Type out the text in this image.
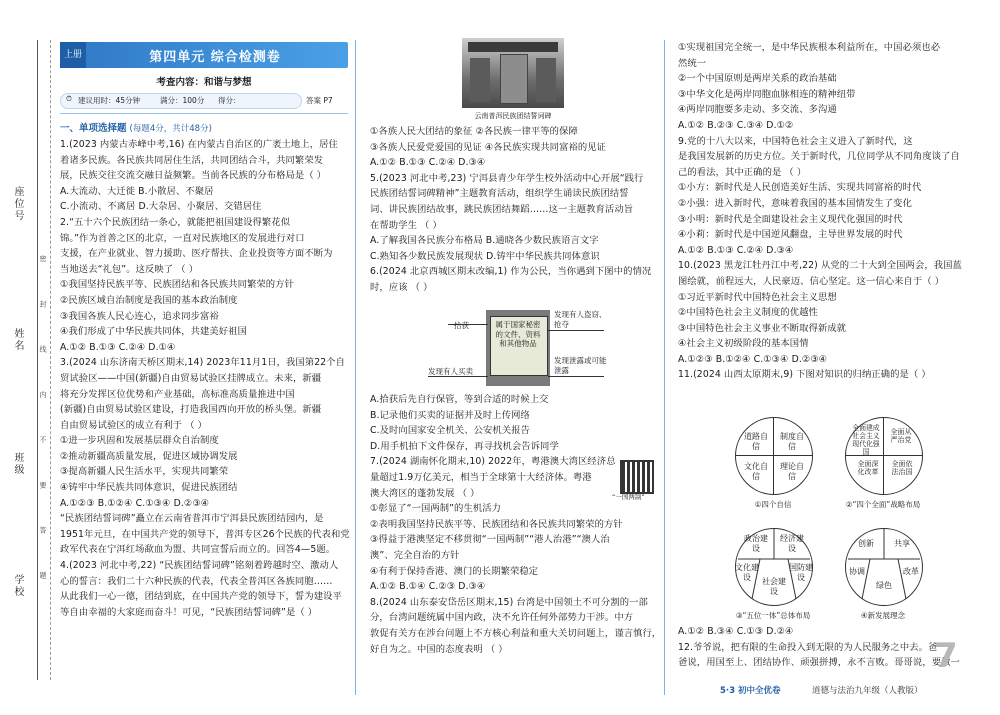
座位号
姓名
班级
学校 密 封 线 内 不 要 答 题
上册	第四单元 综合检测卷
考查内容：和谐与梦想
⏱ 建议用时：45分钟	满分：100分 得分：	答案 P7
一、单项选择题 (每题4分，共计48分)
1.(2023 内蒙古赤峰中考,16) 在内蒙古自治区的广袤土地上，居住
着诸多民族。各民族共同居住生活，共同团结合斗，共同繁荣发
展，民族交往交流交融日益频繁。当前各民族的分布格局是（ ）
A.大流动、大迁徙 B.小散居、不聚居
C.小流动、不离居 D.大杂居、小聚居、交错居住
2.“五十六个民族团结一条心，就能把祖国建设得繁花似
锦。”作为首善之区的北京，一直对民族地区的发展进行对口
支援，在产业就业、智力援助、医疗帮扶、企业投资等方面不断为
当地送去“礼包”。这反映了 （ ）
①我国坚持民族平等、民族团结和各民族共同繁荣的方针
②民族区域自治制度是我国的基本政治制度
③我国各族人民心连心，追求同步富裕
④我们形成了中华民族共同体，共建美好祖国
A.①② B.①③ C.②④ D.①④
3.(2024 山东济南天桥区期末,14) 2023年11月1日，我国第22个自
贸试验区——中国(新疆)自由贸易试验区挂牌成立。未来，新疆
将充分发挥区位优势和产业基础，高标准高质量推进中国
(新疆)自由贸易试验区建设，打造我国西向开放的桥头堡。新疆
自由贸易试验区的成立有利于 （ ）
①进一步巩固和发展基层群众自治制度
②推动新疆高质量发展，促进区域协调发展
③提高新疆人民生活水平，实现共同繁荣
④铸牢中华民族共同体意识，促进民族团结
A.①②③ B.①②④ C.①③④ D.②③④
“民族团结誓词碑”矗立在云南省普洱市宁洱县民族团结园内，是
1951年元旦，在中国共产党的领导下，普洱专区26个民族的代表和党
政军代表在宁洱红场歃血为盟、共同宣誓后而立的。回答4—5题。
4.(2023 河北中考,22) “民族团结誓词碑”铭刻着跨越时空、激动人
心的誓言：我们二十六种民族的代表，代表全普洱区各族同胞……
从此我们一心一德，团结到底，在中国共产党的领导下，誓为建设平
等自由幸福的大家庭而奋斗！可见，“民族团结誓词碑”是（ ）
云南普洱民族团结誓词碑
①各族人民大团结的象征 ②各民族一律平等的保障
③各族人民爱党爱国的见证 ④各民族实现共同富裕的见证
A.①② B.①③ C.②④ D.③④
5.(2023 河北中考,23) 宁洱县青少年学生校外活动中心开展“践行
民族团结誓词碑精神”主题教育活动，组织学生诵读民族团结誓
词、讲民族团结故事，跳民族团结舞蹈……这一主题教育活动旨
在帮助学生 （ ）
A.了解我国各民族分布格局 B.通晓各少数民族语言文字
C.熟知各少数民族发展现状 D.铸牢中华民族共同体意识
6.(2024 北京西城区期末改编,1) 作为公民，当你遇到下图中的情况
时，应该 （ ）
属于国家秘密的文件、资料和其他物品
拾获
发现有人买卖
发现有人盗窃、抢夺
发现泄露或可能泄露
A.拾获后先自行保管，等到合适的时候上交
B.记录他们买卖的证据并及时上传网络
C.及时向国家安全机关、公安机关报告
D.用手机拍下文件保存，再寻找机会告诉同学
7.(2024 湖南怀化期末,10) 2022年，粤港澳大湾区经济总
量超过1.9万亿美元，相当于全球第十大经济体。粤港
澳大湾区的蓬勃发展 （ ）
①彰显了“一国两制”的生机活力
②表明我国坚持民族平等、民族团结和各民族共同繁荣的方针
③得益于港澳坚定不移贯彻“一国两制”“港人治港”“澳人治
澳”、完全自治的方针
④有利于保持香港、澳门的长期繁荣稳定
A.①② B.①④ C.②③ D.③④
8.(2024 山东泰安岱岳区期末,15) 台湾是中国领土不可分割的一部
分，台湾问题统属中国内政，决不允许任何外部势力干涉。中方
敦促有关方在涉台问题上不方核心利益和重大关切问题上，谨言慎行，
好自为之。中国的态度表明 （ ）
“一国两制”
①实现祖国完全统一，是中华民族根本利益所在，中国必须也必
然统一
②一个中国原则是两岸关系的政治基础
③中华文化是两岸同胞血脉相连的精神纽带
④两岸同胞要多走动、多交流、多沟通
A.①② B.②③ C.③④ D.①②
9.党的十八大以来，中国特色社会主义进入了新时代，这
是我国发展新的历史方位。关于新时代，几位同学从不同角度谈了自
己的看法，其中正确的是 （ ）
①小方：新时代是人民创造美好生活、实现共同富裕的时代
②小强：进入新时代，意味着我国的基本国情发生了变化
③小明：新时代是全面建设社会主义现代化强国的时代
④小莉：新时代是中国逆风翻盘，主导世界发展的时代
A.①② B.①③ C.②④ D.③④
10.(2023 黑龙江牡丹江中考,22) 从党的二十大到全国两会，我国蓝
图绘就，前程远大，人民豪迈、信心坚定。这一信心来自于（ ）
①习近平新时代中国特色社会主义思想
②中国特色社会主义制度的优越性
③中国特色社会主义事业不断取得新成就
④社会主义初级阶段的基本国情
A.①②③ B.①②④ C.①③④ D.②③④
11.(2024 山西太原期末,9) 下图对知识的归纳正确的是（ ）
道路自信
制度自信
文化自信
理论自信
①四个自信
全面建成社会主义现代化强国
全面从严治党
全面深化改革
全面依法治国
②“四个全面”战略布局
政治建设
经济建设
文化建设
国防建设
社会建设
③“五位一体”总体布局
创新	共享
协调	改革
绿色
④新发展理念
A.①② B.③④ C.①③ D.②④
12.爷爷说，把有限的生命投入到无限的为人民服务之中去。爸
爸说，用国至上、团结协作、顽强拼搏，永不言败。哥哥说，要做一
5·3 初中全优卷	道德与法治九年级（人教版）
7
